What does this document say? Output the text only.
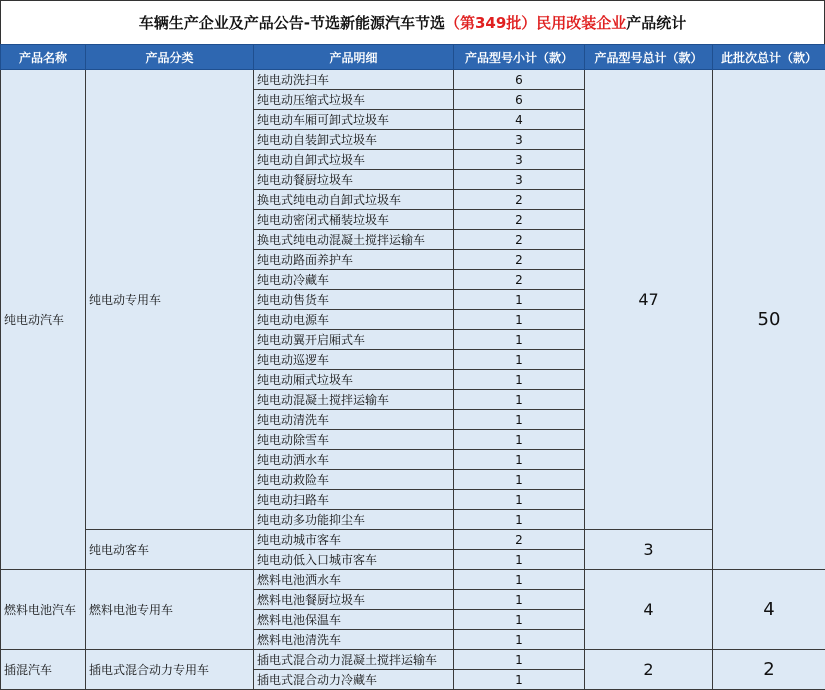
车辆生产企业及产品公告-节选新能源汽车节选 （第349批）民用改装企业 产品统计
产品名称	产品分类	产品明细	产品型号小计（款）	产品型号总计（款）	此批次总计（款）
纯电动汽车	纯电动专用车	纯电动洗扫车	6	47	50
		纯电动压缩式垃圾车	6		
		纯电动车厢可卸式垃圾车	4		
		纯电动自装卸式垃圾车	3		
		纯电动自卸式垃圾车	3		
		纯电动餐厨垃圾车	3		
		换电式纯电动自卸式垃圾车	2		
		纯电动密闭式桶装垃圾车	2		
		换电式纯电动混凝土搅拌运输车	2		
		纯电动路面养护车	2		
		纯电动冷藏车	2		
		纯电动售货车	1		
		纯电动电源车	1		
		纯电动翼开启厢式车	1		
		纯电动巡逻车	1		
		纯电动厢式垃圾车	1		
		纯电动混凝土搅拌运输车	1		
		纯电动清洗车	1		
		纯电动除雪车	1		
		纯电动洒水车	1		
		纯电动救险车	1		
		纯电动扫路车	1		
		纯电动多功能抑尘车	1		
	纯电动客车	纯电动城市客车	2	3	
		纯电动低入口城市客车	1		
燃料电池汽车	燃料电池专用车	燃料电池洒水车	1	4	4
		燃料电池餐厨垃圾车	1		
		燃料电池保温车	1		
		燃料电池清洗车	1		
插混汽车	插电式混合动力专用车	插电式混合动力混凝土搅拌运输车	1	2	2
		插电式混合动力冷藏车	1		
